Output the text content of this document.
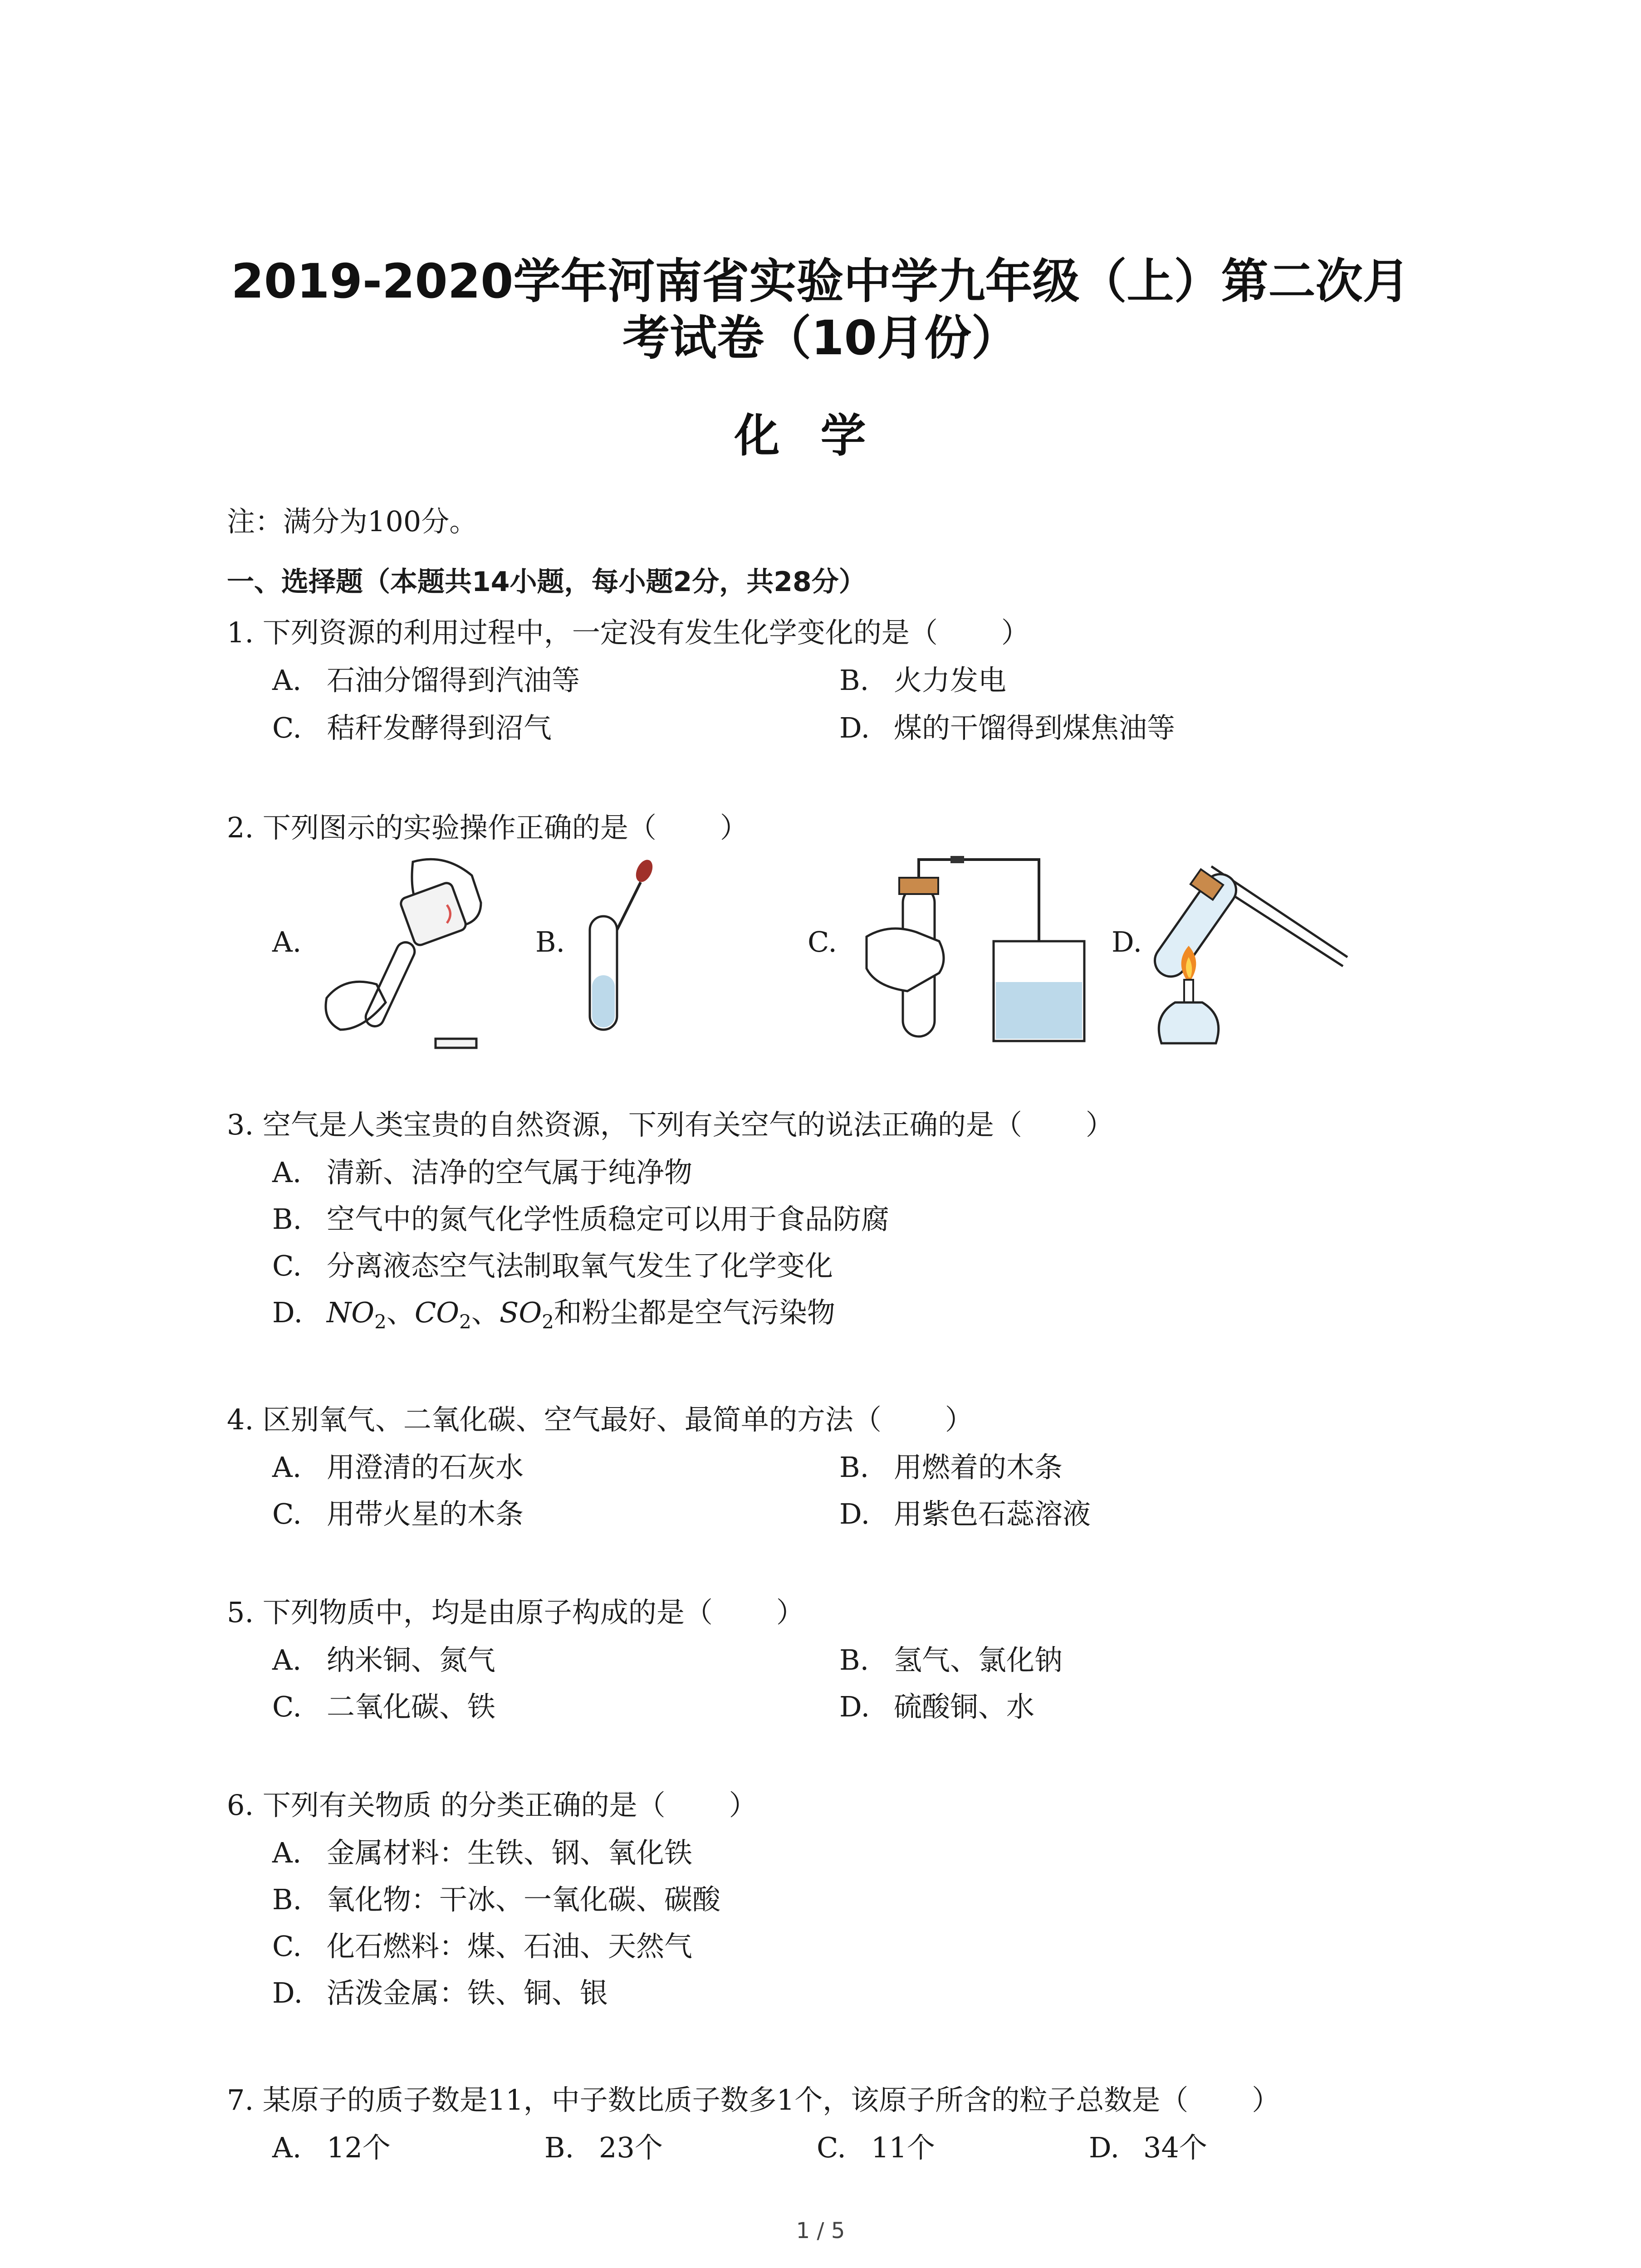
2019-2020学年河南省实验中学九年级（上）第二次月
考试卷（10月份）
化学
注：满分为100分。
一、选择题（本题共14小题，每小题2分，共28分）
1. 下列资源的利用过程中，一定没有发生化学变化的是（ ）
A. 石油分馏得到汽油等	B. 火力发电
C. 秸秆发酵得到沼气	D. 煤的干馏得到煤焦油等
2. 下列图示的实验操作正确的是（ ）
A.	B.	C.	D.
3. 空气是人类宝贵的自然资源，下列有关空气的说法正确的是（ ）
A. 清新、洁净的空气属于纯净物
B. 空气中的氮气化学性质稳定可以用于食品防腐
C. 分离液态空气法制取氧气发生了化学变化
D. $NO_2$、$CO_2$、$SO_2$和粉尘都是空气污染物
4. 区别氧气、二氧化碳、空气最好、最简单的方法（ ）
A. 用澄清的石灰水	B. 用燃着的木条
C. 用带火星的木条	D. 用紫色石蕊溶液
5. 下列物质中，均是由原子构成的是（ ）
A. 纳米铜、氮气	B. 氢气、氯化钠
C. 二氧化碳、铁	D. 硫酸铜、水
6. 下列有关物质 的分类正确的是（ ）
A. 金属材料：生铁、钢、氧化铁
B. 氧化物：干冰、一氧化碳、碳酸
C. 化石燃料：煤、石油、天然气
D. 活泼金属：铁、铜、银
7. 某原子的质子数是11，中子数比质子数多1个，该原子所含的粒子总数是（ ）
A. 12个	B. 23个	C. 11个	D. 34个
1 / 5
